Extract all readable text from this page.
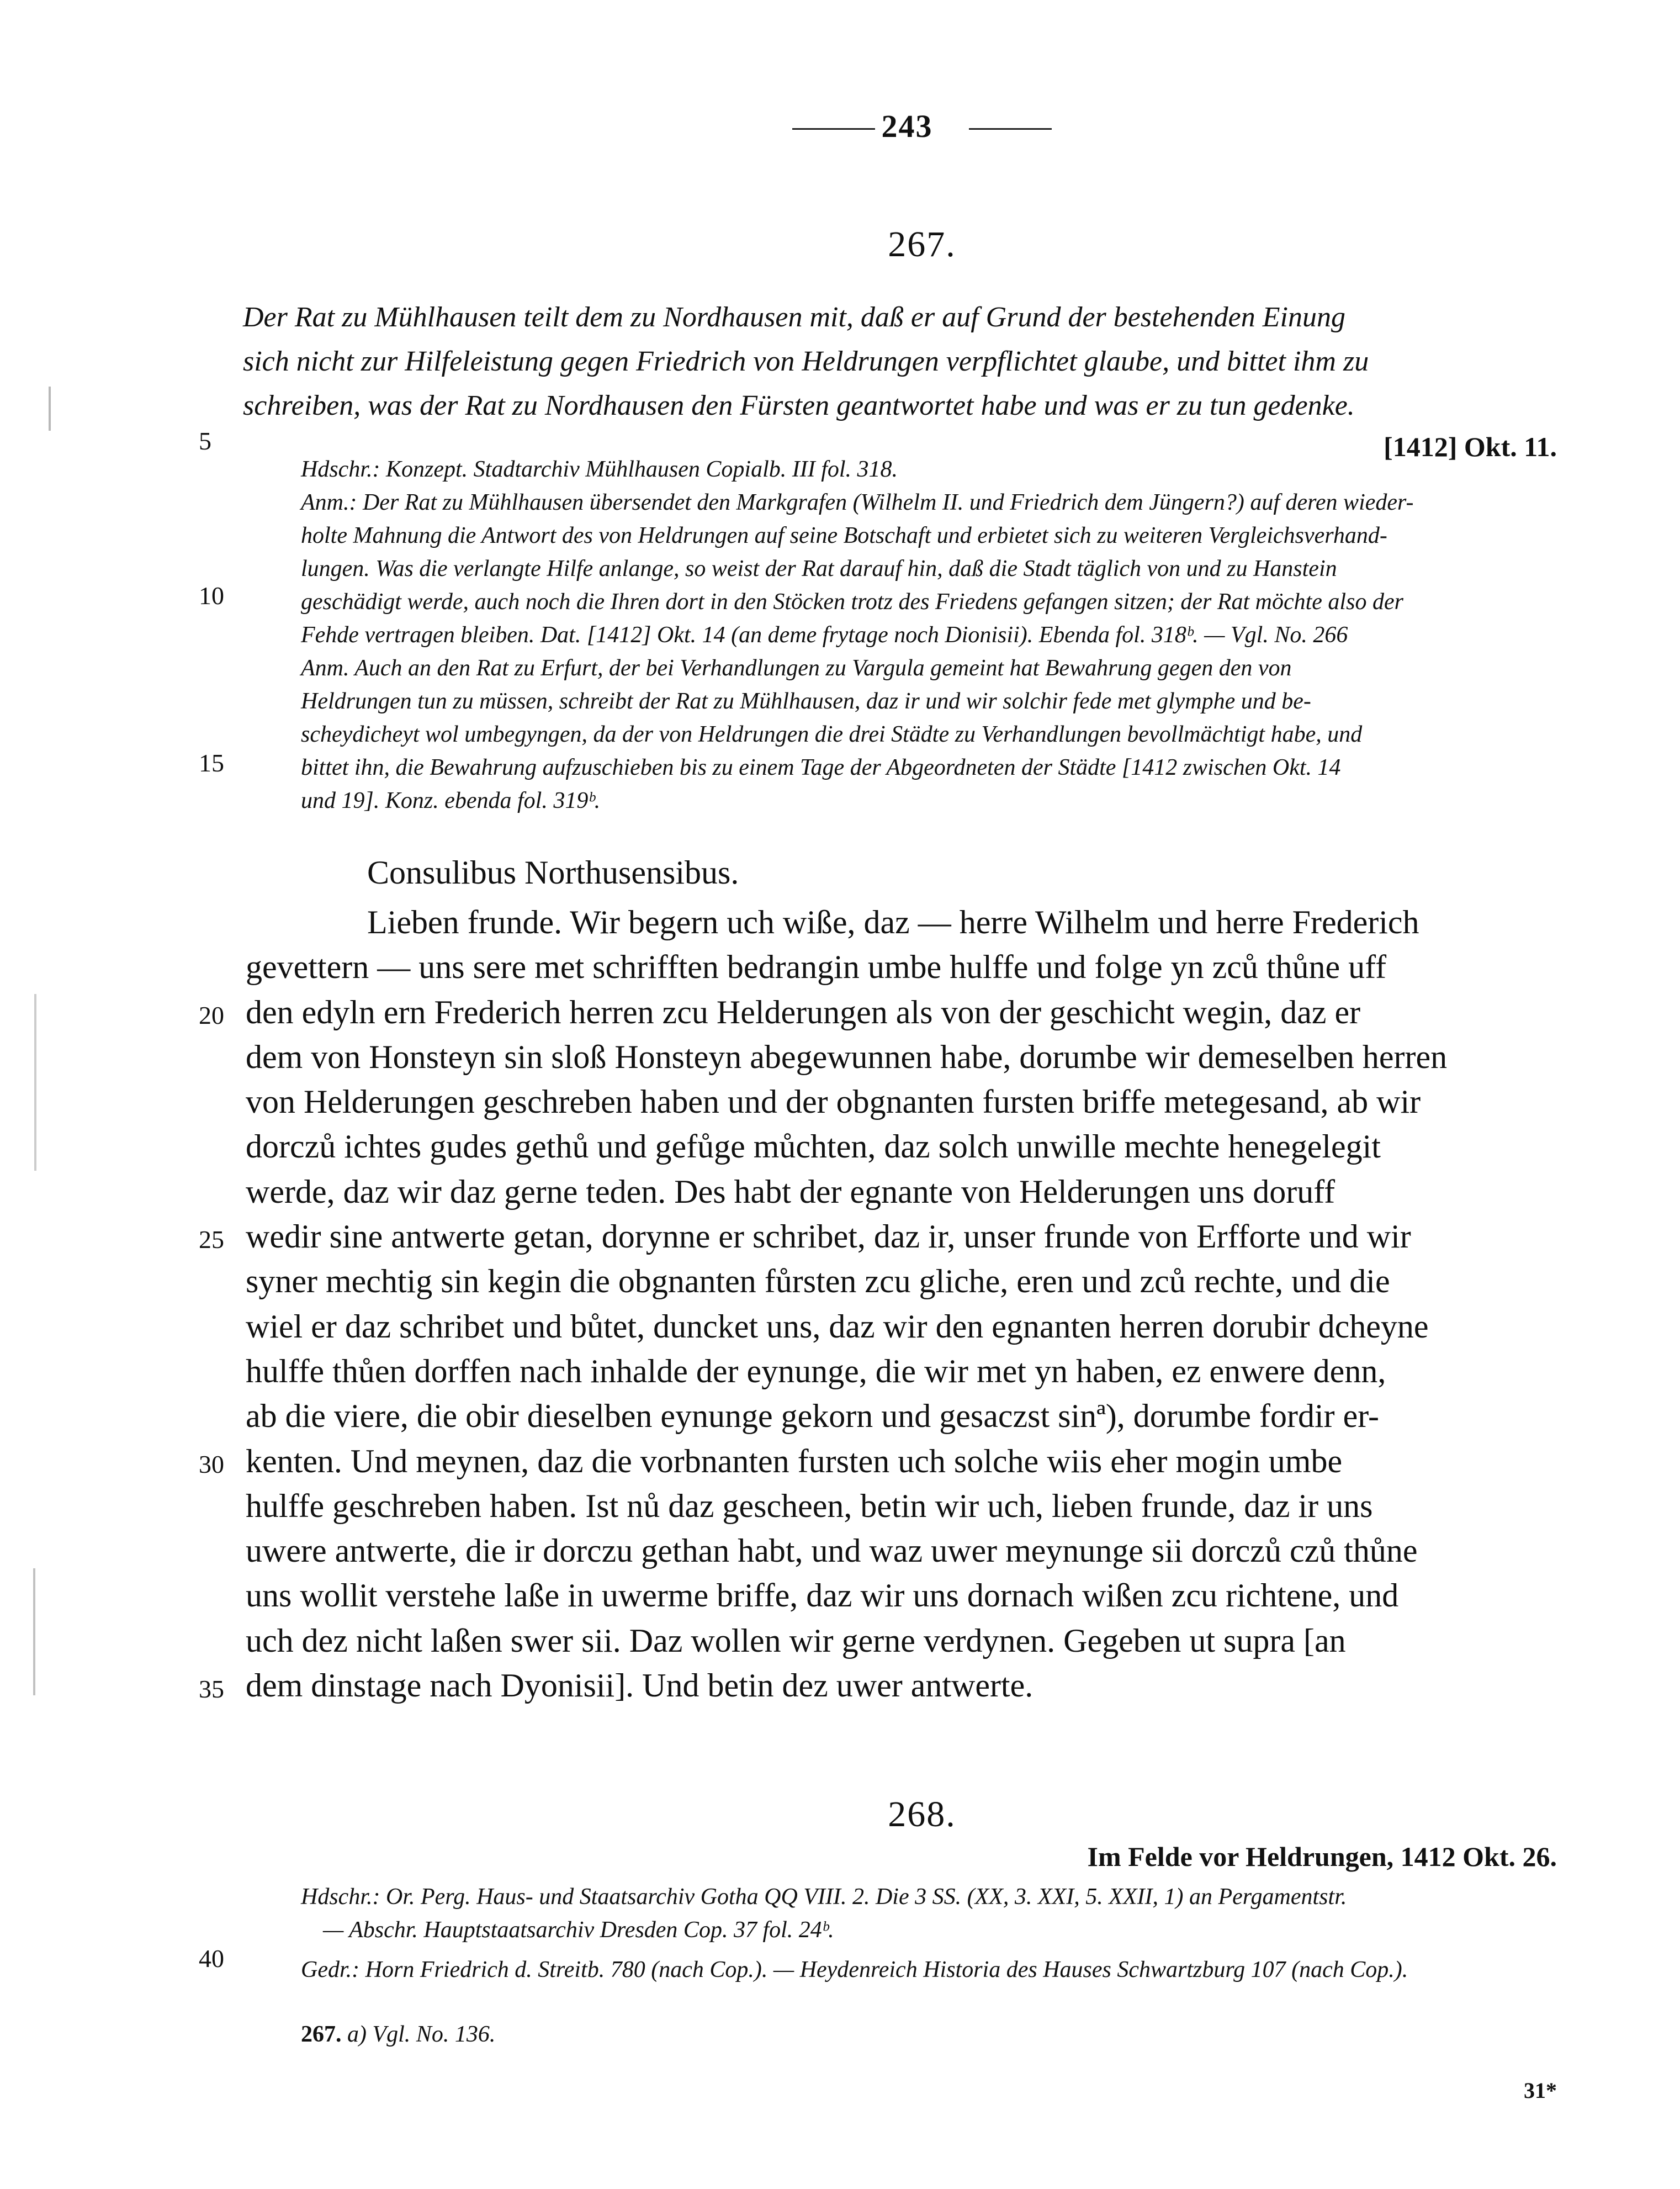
243
267.
Der Rat zu Mühlhausen teilt dem zu Nordhausen mit, daß er auf Grund der bestehenden Einung
sich nicht zur Hilfeleistung gegen Friedrich von Heldrungen verpflichtet glaube, und bittet ihm zu
schreiben, was der Rat zu Nordhausen den Fürsten geantwortet habe und was er zu tun gedenke.
[1412] Okt. 11.
Hdschr.: Konzept. Stadtarchiv Mühlhausen Copialb. III fol. 318.
Anm.: Der Rat zu Mühlhausen übersendet den Markgrafen (Wilhelm II. und Friedrich dem Jüngern?) auf deren wieder-
holte Mahnung die Antwort des von Heldrungen auf seine Botschaft und erbietet sich zu weiteren Vergleichsverhand-
lungen. Was die verlangte Hilfe anlange, so weist der Rat darauf hin, daß die Stadt täglich von und zu Hanstein
geschädigt werde, auch noch die Ihren dort in den Stöcken trotz des Friedens gefangen sitzen; der Rat möchte also der
Fehde vertragen bleiben. Dat. [1412] Okt. 14 (an deme frytage noch Dionisii). Ebenda fol. 318ᵇ. — Vgl. No. 266
Anm. Auch an den Rat zu Erfurt, der bei Verhandlungen zu Vargula gemeint hat Bewahrung gegen den von
Heldrungen tun zu müssen, schreibt der Rat zu Mühlhausen, daz ir und wir solchir fede met glymphe und be-
scheydicheyt wol umbegyngen, da der von Heldrungen die drei Städte zu Verhandlungen bevollmächtigt habe, und
bittet ihn, die Bewahrung aufzuschieben bis zu einem Tage der Abgeordneten der Städte [1412 zwischen Okt. 14
und 19]. Konz. ebenda fol. 319ᵇ.
Consulibus Northusensibus.
Lieben frunde. Wir begern uch wiße, daz — herre Wilhelm und herre Frederich
gevettern — uns sere met schrifften bedrangin umbe hulffe und folge yn zců thůne uff
den edyln ern Frederich herren zcu Helderungen als von der geschicht wegin, daz er
dem von Honsteyn sin sloß Honsteyn abegewunnen habe, dorumbe wir demeselben herren
von Helderungen geschreben haben und der obgnanten fursten briffe metegesand, ab wir
dorczů ichtes gudes gethů und gefůge můchten, daz solch unwille mechte henegelegit
werde, daz wir daz gerne teden. Des habt der egnante von Helderungen uns doruff
wedir sine antwerte getan, dorynne er schribet, daz ir, unser frunde von Erfforte und wir
syner mechtig sin kegin die obgnanten fůrsten zcu gliche, eren und zců rechte, und die
wiel er daz schribet und bůtet, duncket uns, daz wir den egnanten herren dorubir dcheyne
hulffe thůen dorffen nach inhalde der eynunge, die wir met yn haben, ez enwere denn,
ab die viere, die obir dieselben eynunge gekorn und gesaczst sinª), dorumbe fordir er-
kenten. Und meynen, daz die vorbnanten fursten uch solche wiis eher mogin umbe
hulffe geschreben haben. Ist nů daz gescheen, betin wir uch, lieben frunde, daz ir uns
uwere antwerte, die ir dorczu gethan habt, und waz uwer meynunge sii dorczů czů thůne
uns wollit verstehe laße in uwerme briffe, daz wir uns dornach wißen zcu richtene, und
uch dez nicht laßen swer sii. Daz wollen wir gerne verdynen. Gegeben ut supra [an
dem dinstage nach Dyonisii]. Und betin dez uwer antwerte.
5
10
15
20
25
30
35
40
268.
Im Felde vor Heldrungen, 1412 Okt. 26.
Hdschr.: Or. Perg. Haus- und Staatsarchiv Gotha QQ VIII. 2. Die 3 SS. (XX, 3. XXI, 5. XXII, 1) an Pergamentstr.
— Abschr. Hauptstaatsarchiv Dresden Cop. 37 fol. 24ᵇ.
Gedr.: Horn Friedrich d. Streitb. 780 (nach Cop.). — Heydenreich Historia des Hauses Schwartzburg 107 (nach Cop.).
267. a) Vgl. No. 136.
31*
